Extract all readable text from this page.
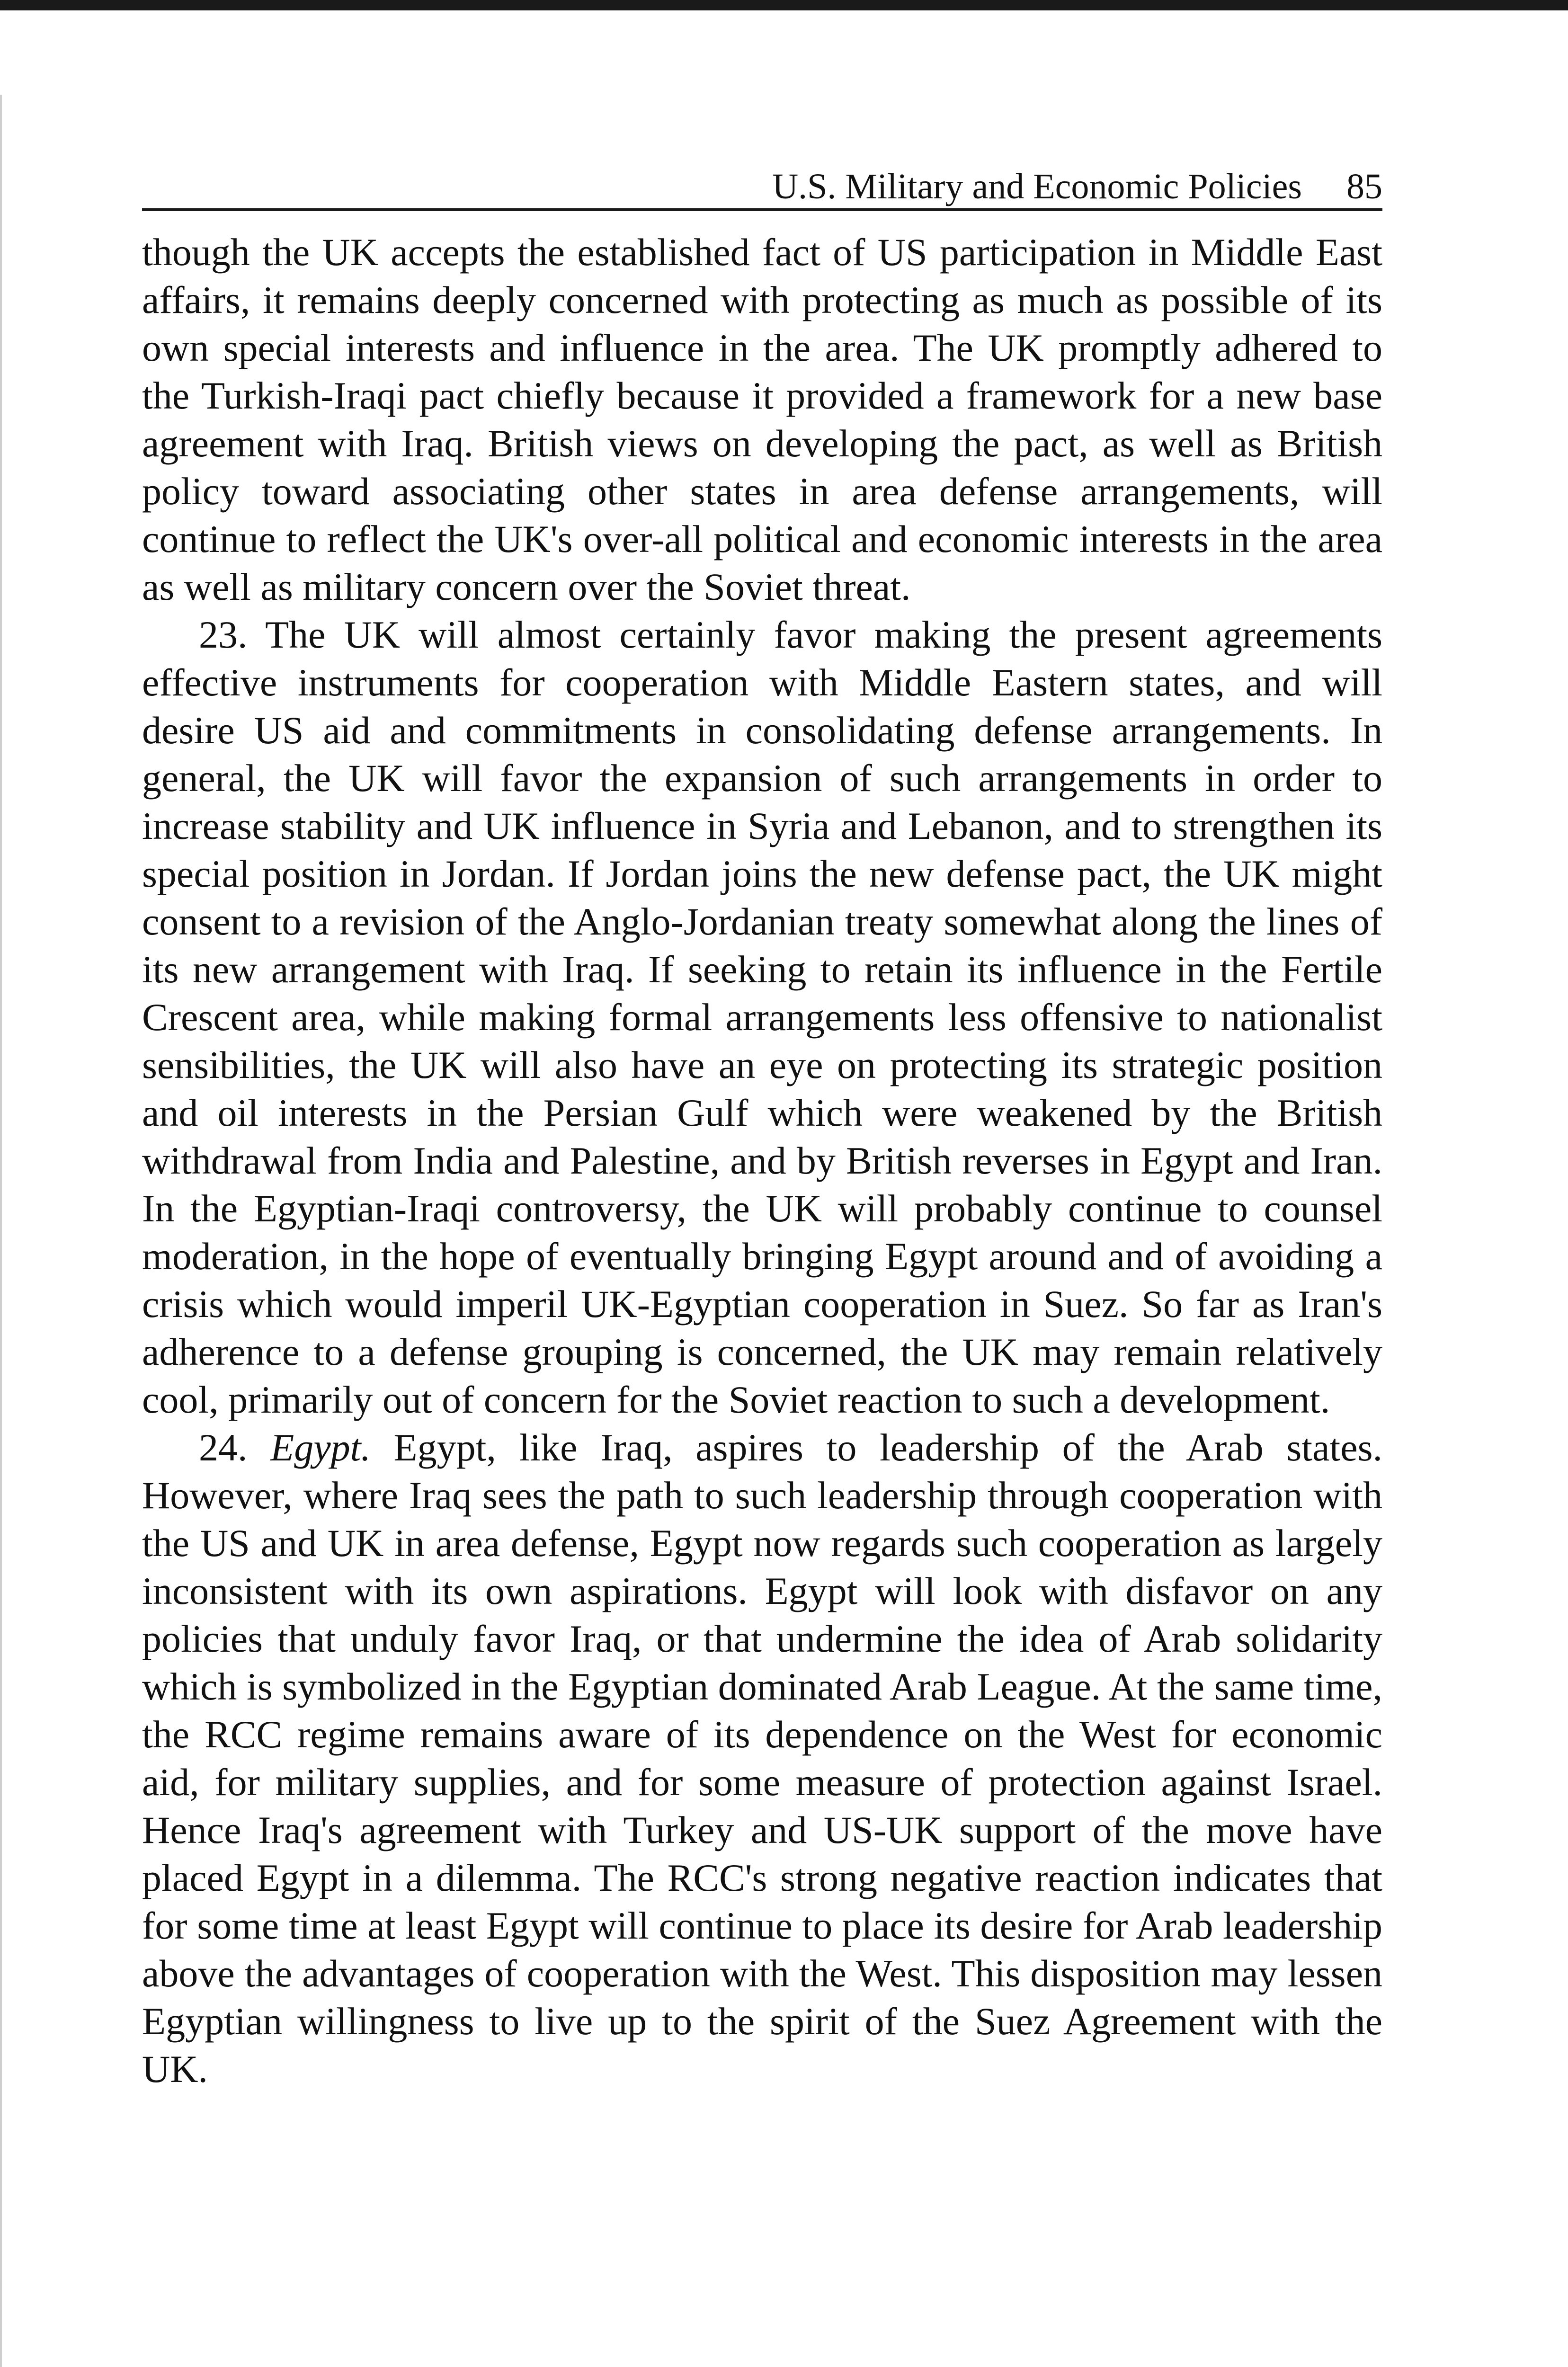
U.S. Military and Economic Policies 85

though the UK accepts the established fact of US participation in Middle East affairs, it remains deeply concerned with protecting as much as possible of its own special interests and influence in the area. The UK promptly adhered to the Turkish-Iraqi pact chiefly because it provided a framework for a new base agreement with Iraq. British views on developing the pact, as well as British policy toward associating other states in area defense arrangements, will continue to reflect the UK's over-all political and economic interests in the area as well as military concern over the Soviet threat.

23. The UK will almost certainly favor making the present agreements effective instruments for cooperation with Middle Eastern states, and will desire US aid and commitments in consolidating defense arrangements. In general, the UK will favor the expansion of such arrangements in order to increase stability and UK influence in Syria and Lebanon, and to strengthen its special position in Jordan. If Jordan joins the new defense pact, the UK might consent to a revision of the Anglo-Jordanian treaty somewhat along the lines of its new arrangement with Iraq. If seeking to retain its influence in the Fertile Crescent area, while making formal arrangements less offensive to nationalist sensibilities, the UK will also have an eye on protecting its strategic position and oil interests in the Persian Gulf which were weakened by the British withdrawal from India and Palestine, and by British reverses in Egypt and Iran. In the Egyptian-Iraqi controversy, the UK will probably continue to counsel moderation, in the hope of eventually bringing Egypt around and of avoiding a crisis which would imperil UK-Egyptian cooperation in Suez. So far as Iran's adherence to a defense grouping is concerned, the UK may remain relatively cool, primarily out of concern for the Soviet reaction to such a development.

24. Egypt. Egypt, like Iraq, aspires to leadership of the Arab states. However, where Iraq sees the path to such leadership through cooperation with the US and UK in area defense, Egypt now regards such cooperation as largely inconsistent with its own aspirations. Egypt will look with disfavor on any policies that unduly favor Iraq, or that undermine the idea of Arab solidarity which is symbolized in the Egyptian dominated Arab League. At the same time, the RCC regime remains aware of its dependence on the West for economic aid, for military supplies, and for some measure of protection against Israel. Hence Iraq's agreement with Turkey and US-UK support of the move have placed Egypt in a dilemma. The RCC's strong negative reaction indicates that for some time at least Egypt will continue to place its desire for Arab leadership above the advantages of cooperation with the West. This disposition may lessen Egyptian willingness to live up to the spirit of the Suez Agreement with the UK.
